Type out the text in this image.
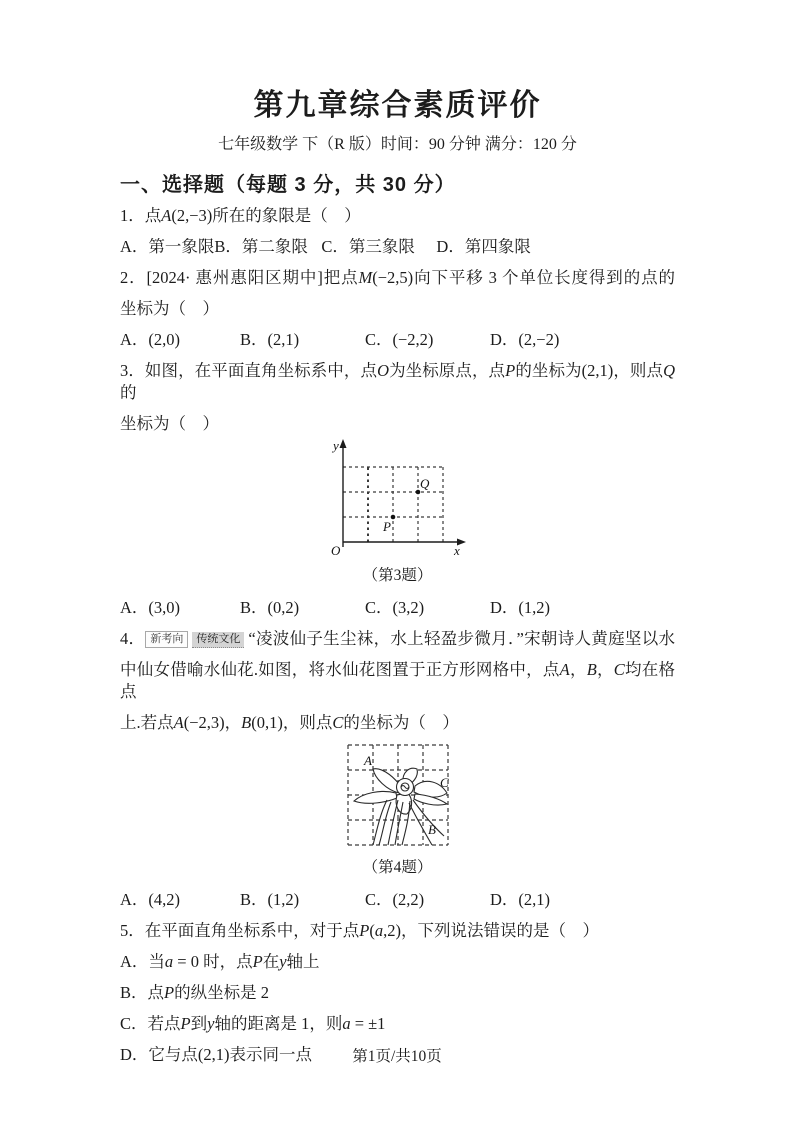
第九章综合素质评价
七年级数学 下（R 版）时间：90 分钟 满分：120 分
一、选择题（每题 3 分，共 30 分）
1．点A(2,−3)所在的象限是（　）
A．第一象限 B．第二象限 C．第三象限	D．第四象限
2．[2024· 惠州惠阳区期中]把点M(−2,5)向下平移 3 个单位长度得到的点的
坐标为（　）
A．(2,0)	B．(2,1)	C．(−2,2)	D．(2,−2)
3．如图，在平面直角坐标系中，点O为坐标原点，点P的坐标为(2,1)，则点Q的
坐标为（　）
y
x
O
P
Q
（第3题）
A．(3,0)	B．(0,2)	C．(3,2)	D．(1,2)
4． 新考向 传统文化 “凌波仙子生尘袜，水上轻盈步微月．”宋朝诗人黄庭坚以水
中仙女借喻水仙花.如图，将水仙花图置于正方形网格中，点A，B，C均在格点
上.若点A(−2,3)，B(0,1)，则点C的坐标为（　）
A
B
C
（第4题）
A．(4,2)	B．(1,2)	C．(2,2)	D．(2,1)
5．在平面直角坐标系中，对于点P(a,2)，下列说法错误的是（　）
A．当a = 0 时，点P在y轴上
B．点P的纵坐标是 2
C．若点P到y轴的距离是 1，则a = ±1
D．它与点(2,1)表示同一点	第1页/共10页
